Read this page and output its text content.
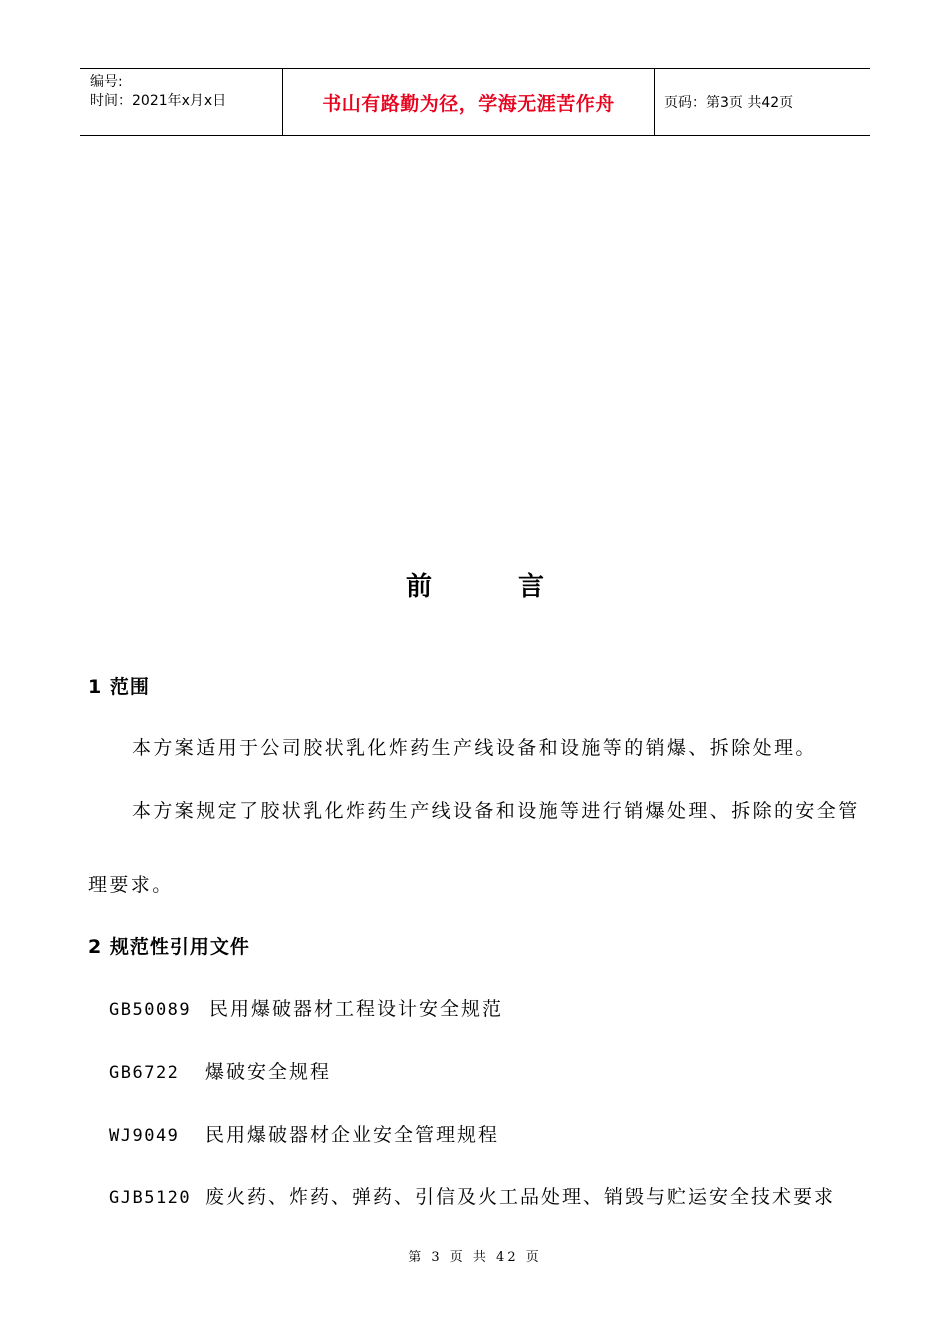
编号:
时间：2021年x月x日	书山有路勤为径，学海无涯苦作舟	页码：第3页 共42页
前言
1 范围
本方案适用于公司胶状乳化炸药生产线设备和设施等的销爆、拆除处理。
本方案规定了胶状乳化炸药生产线设备和设施等进行销爆处理、拆除的安全管
理要求。
2 规范性引用文件
GB50089 民用爆破器材工程设计安全规范
GB6722 爆破安全规程
WJ9049 民用爆破器材企业安全管理规程
GJB5120 废火药、炸药、弹药、引信及火工品处理、销毁与贮运安全技术要求
第 3 页 共 42 页
